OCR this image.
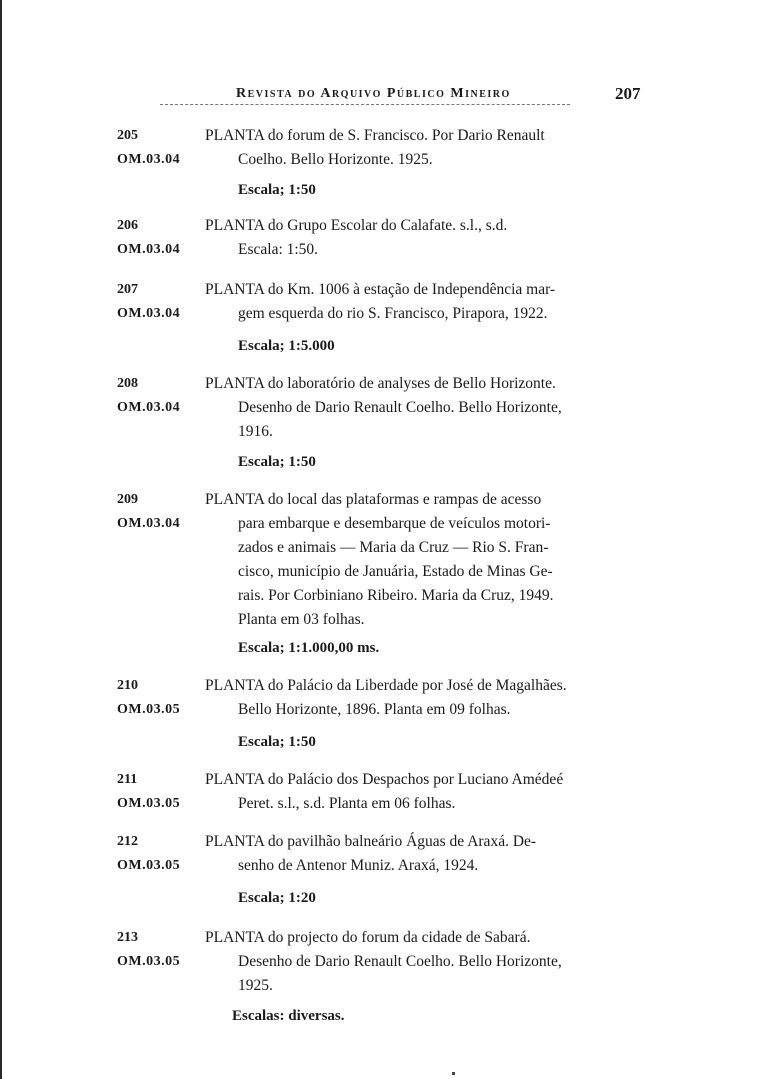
Revista do Arquivo Público Mineiro	207
205
OM.03.04
PLANTA do forum de S. Francisco. Por Dario Renault
Coelho. Bello Horizonte. 1925.
Escala; 1:50
206
OM.03.04
PLANTA do Grupo Escolar do Calafate. s.l., s.d.
Escala: 1:50.
207
OM.03.04
PLANTA do Km. 1006 à estação de Independência mar-
gem esquerda do rio S. Francisco, Pirapora, 1922.
Escala; 1:5.000
208
OM.03.04
PLANTA do laboratório de analyses de Bello Horizonte.
Desenho de Dario Renault Coelho. Bello Horizonte,
1916.
Escala; 1:50
209
OM.03.04
PLANTA do local das plataformas e rampas de acesso
para embarque e desembarque de veículos motori-
zados e animais — Maria da Cruz — Rio S. Fran-
cisco, município de Januária, Estado de Minas Ge-
rais. Por Corbiniano Ribeiro. Maria da Cruz, 1949.
Planta em 03 folhas.
Escala; 1:1.000,00 ms.
210
OM.03.05
PLANTA do Palácio da Liberdade por José de Magalhães.
Bello Horizonte, 1896. Planta em 09 folhas.
Escala; 1:50
211
OM.03.05
PLANTA do Palácio dos Despachos por Luciano Amédeé
Peret. s.l., s.d. Planta em 06 folhas.
212
OM.03.05
PLANTA do pavilhão balneário Águas de Araxá. De-
senho de Antenor Muniz. Araxá, 1924.
Escala; 1:20
213
OM.03.05
PLANTA do projecto do forum da cidade de Sabará.
Desenho de Dario Renault Coelho. Bello Horizonte,
1925.
Escalas: diversas.
